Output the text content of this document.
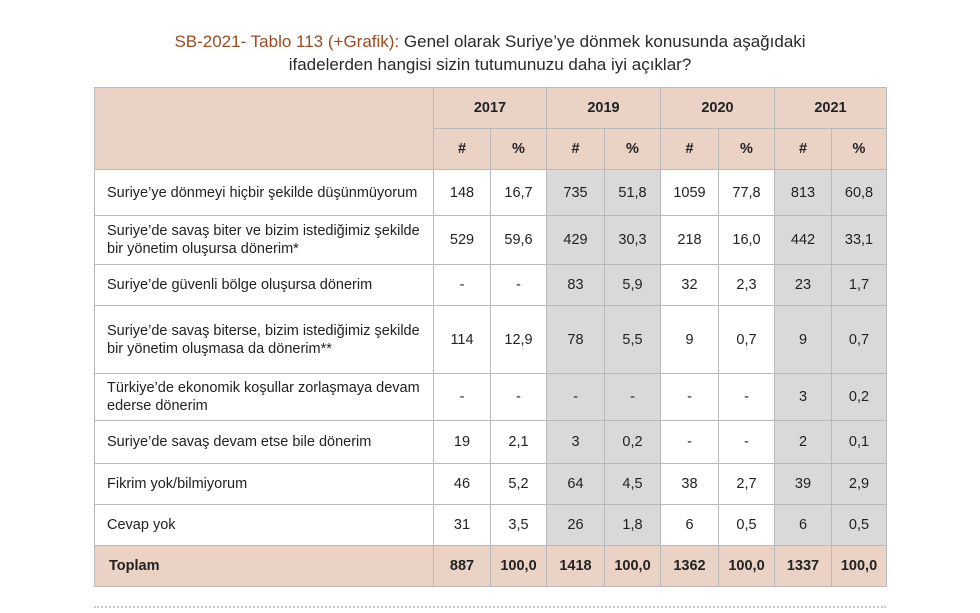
SB-2021- Tablo 113 (+Grafik): Genel olarak Suriye’ye dönmek konusunda aşağıdaki
ifadelerden hangisi sizin tutumunuzu daha iyi açıklar?
	2017		2019		2020		2021	
	#	%	#	%	#	%	#	%
Suriye’ye dönmeyi hiçbir şekilde düşünmüyorum	148	16,7	735	51,8	1059	77,8	813	60,8
Suriye’de savaş biter ve bizim istediğimiz şekilde bir yönetim oluşursa dönerim*	529	59,6	429	30,3	218	16,0	442	33,1
Suriye’de güvenli bölge oluşursa dönerim	-	-	83	5,9	32	2,3	23	1,7
Suriye’de savaş biterse, bizim istediğimiz şekilde bir yönetim oluşmasa da dönerim**	114	12,9	78	5,5	9	0,7	9	0,7
Türkiye’de ekonomik koşullar zorlaşmaya devam ederse dönerim	-	-	-	-	-	-	3	0,2
Suriye’de savaş devam etse bile dönerim	19	2,1	3	0,2	-	-	2	0,1
Fikrim yok/bilmiyorum	46	5,2	64	4,5	38	2,7	39	2,9
Cevap yok	31	3,5	26	1,8	6	0,5	6	0,5
Toplam	887	100,0	1418	100,0	1362	100,0	1337	100,0
